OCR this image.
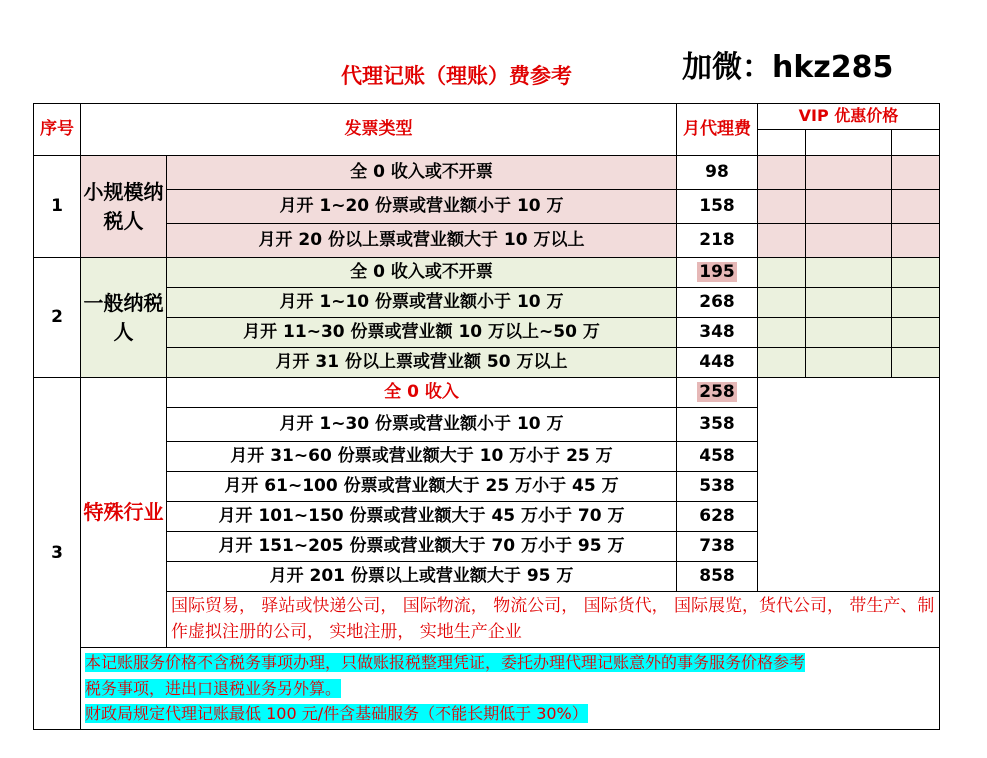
代理记账（理账）费参考	加微：hkz285
序号	发票类型		月代理费	VIP 优惠价格		

1	小规模纳税人	全 0 收入或不开票	98			
		月开 1~20 份票或营业额小于 10 万	158			
		月开 20 份以上票或营业额大于 10 万以上	218			
2	一般纳税人	全 0 收入或不开票	195			
		月开 1~10 份票或营业额小于 10 万	268			
		月开 11~30 份票或营业额 10 万以上~50 万	348			
		月开 31 份以上票或营业额 50 万以上	448			
3	特殊行业	全 0 收入	258			
		月开 1~30 份票或营业额小于 10 万	358			
		月开 31~60 份票或营业额大于 10 万小于 25 万	458			
		月开 61~100 份票或营业额大于 25 万小于 45 万	538			
		月开 101~150 份票或营业额大于 45 万小于 70 万	628			
		月开 151~205 份票或营业额大于 70 万小于 95 万	738			
		月开 201 份票以上或营业额大于 95 万	858			
		国际贸易， 驿站或快递公司， 国际物流， 物流公司， 国际货代， 国际展览，货代公司， 带生产、制作虚拟注册的公司， 实地注册， 实地生产企业				
	本记账服务价格不含税务事项办理，只做账报税整理凭证，委托办理代理记账意外的事务服务价格参考
税务事项，进出口退税业务另外算。
财政局规定代理记账最低 100 元/件含基础服务（不能长期低于 30%）					
